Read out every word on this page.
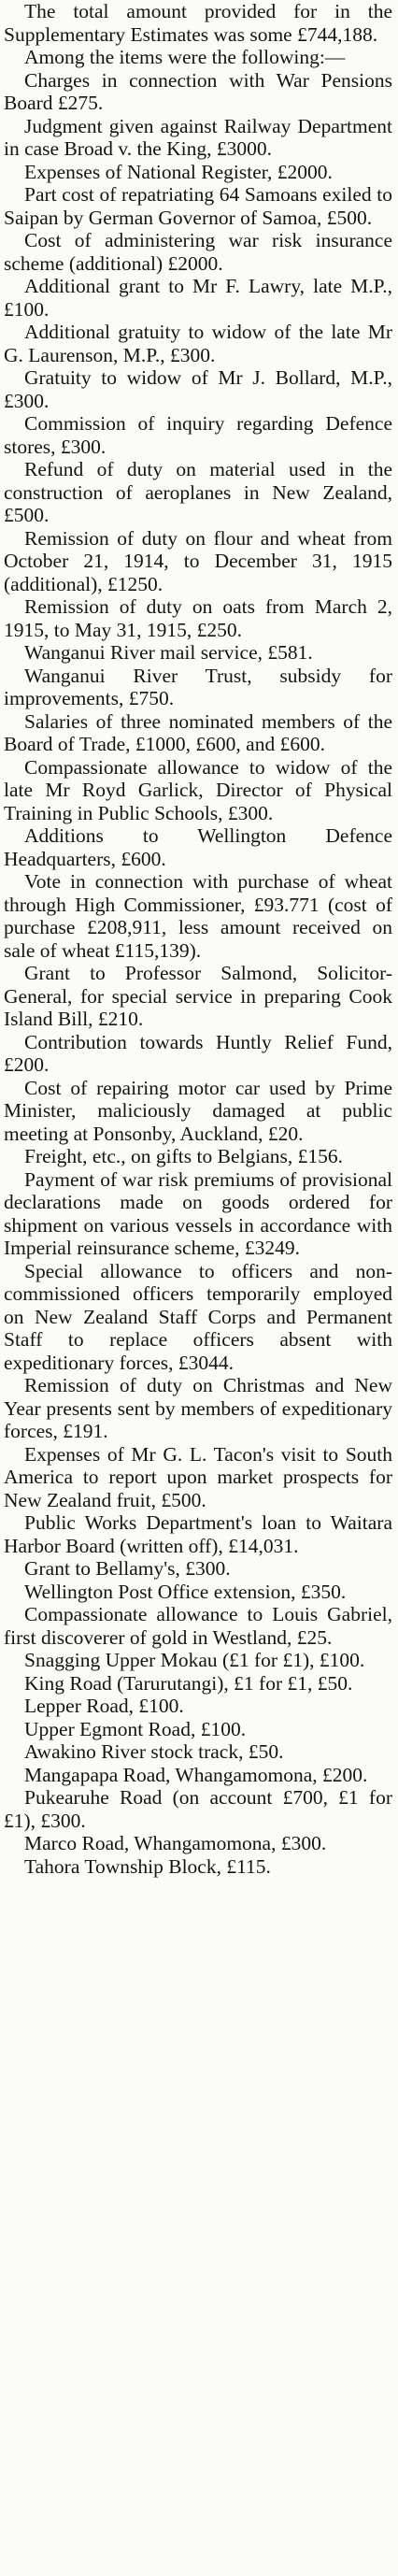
The total amount provided for in the Supplementary Estimates was some £744,188.

Among the items were the following:—

Charges in connection with War Pensions Board £275.

Judgment given against Railway Department in case Broad v. the King, £3000.

Expenses of National Register, £2000.

Part cost of repatriating 64 Samoans exiled to Saipan by German Governor of Samoa, £500.

Cost of administering war risk insurance scheme (additional) £2000.

Additional grant to Mr F. Lawry, late M.P., £100.

Additional gratuity to widow of the late Mr G. Laurenson, M.P., £300.

Gratuity to widow of Mr J. Bollard, M.P., £300.

Commission of inquiry regarding Defence stores, £300.

Refund of duty on material used in the construction of aeroplanes in New Zealand, £500.

Remission of duty on flour and wheat from October 21, 1914, to December 31, 1915 (additional), £1250.

Remission of duty on oats from March 2, 1915, to May 31, 1915, £250.

Wanganui River mail service, £581.

Wanganui River Trust, subsidy for improvements, £750.

Salaries of three nominated members of the Board of Trade, £1000, £600, and £600.

Compassionate allowance to widow of the late Mr Royd Garlick, Director of Physical Training in Public Schools, £300.

Additions to Wellington Defence Headquarters, £600.

Vote in connection with purchase of wheat through High Commissioner, £93.771 (cost of purchase £208,911, less amount received on sale of wheat £115,139).

Grant to Professor Salmond, Solicitor-General, for special service in preparing Cook Island Bill, £210.

Contribution towards Huntly Relief Fund, £200.

Cost of repairing motor car used by Prime Minister, maliciously damaged at public meeting at Ponsonby, Auckland, £20.

Freight, etc., on gifts to Belgians, £156.

Payment of war risk premiums of provisional declarations made on goods ordered for shipment on various vessels in accordance with Imperial reinsurance scheme, £3249.

Special allowance to officers and non-commissioned officers temporarily employed on New Zealand Staff Corps and Permanent Staff to replace officers absent with expeditionary forces, £3044.

Remission of duty on Christmas and New Year presents sent by members of expeditionary forces, £191.

Expenses of Mr G. L. Tacon's visit to South America to report upon market prospects for New Zealand fruit, £500.

Public Works Department's loan to Waitara Harbor Board (written off), £14,031.

Grant to Bellamy's, £300.

Wellington Post Office extension, £350.

Compassionate allowance to Louis Gabriel, first discoverer of gold in Westland, £25.

Snagging Upper Mokau (£1 for £1), £100.

King Road (Tarurutangi), £1 for £1, £50.

Lepper Road, £100.

Upper Egmont Road, £100.

Awakino River stock track, £50.

Mangapapa Road, Whangamomona, £200.

Pukearuhe Road (on account £700, £1 for £1), £300.

Marco Road, Whangamomona, £300.

Tahora Township Block, £115.
